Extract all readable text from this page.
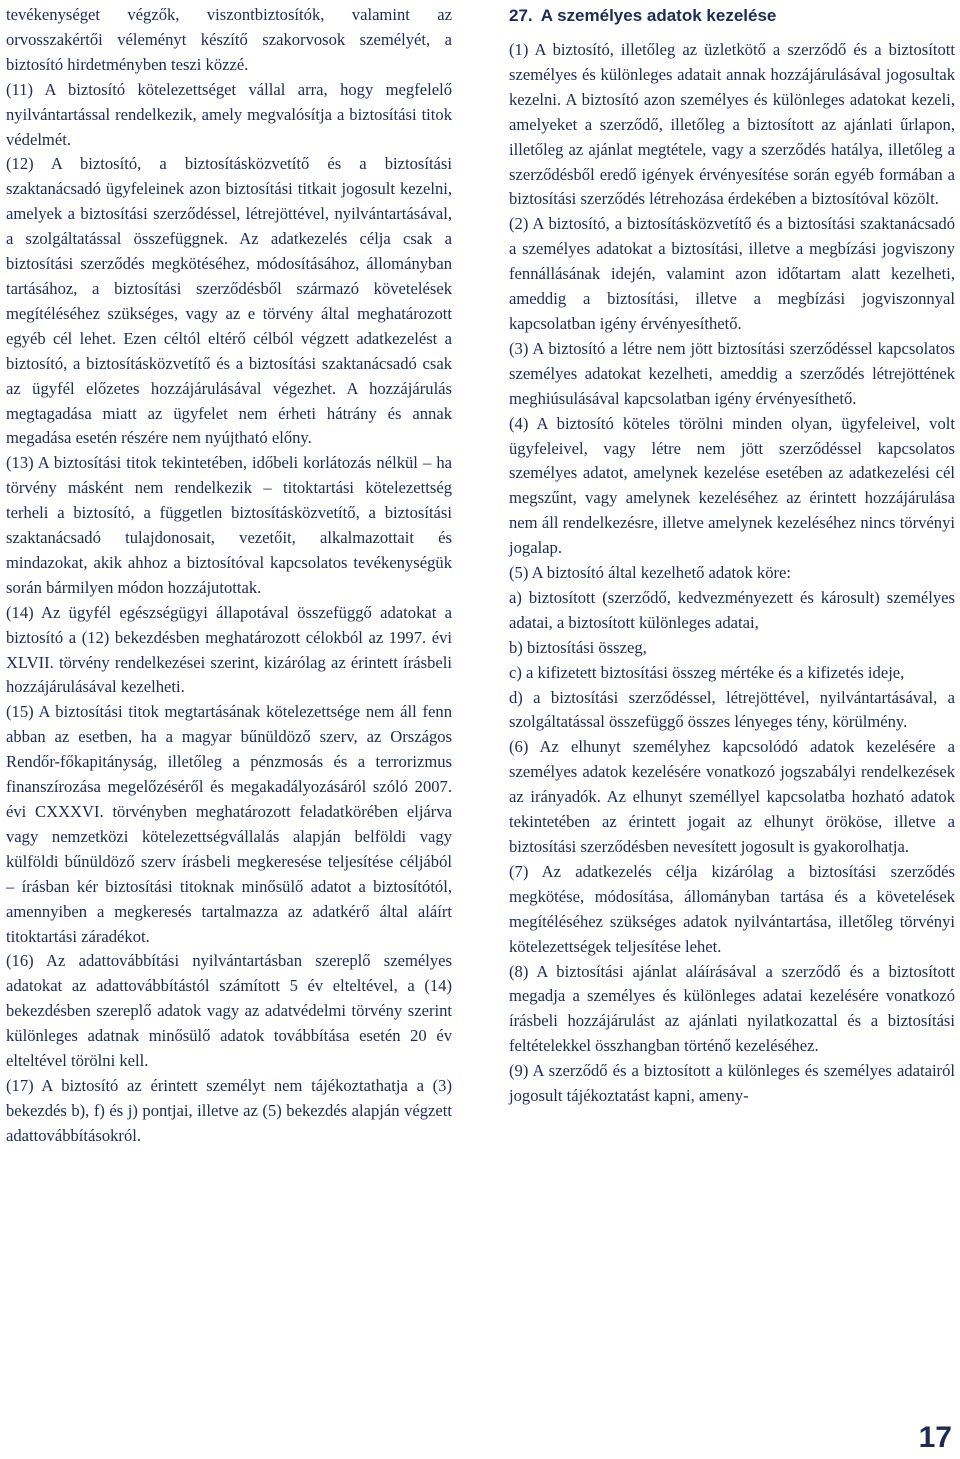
tevékenységet végzők, viszontbiztosítók, valamint az orvosszakértői véleményt készítő szakorvosok személyét, a biztosító hirdetményben teszi közzé.

(11) A biztosító kötelezettséget vállal arra, hogy megfelelő nyilvántartással rendelkezik, amely megvalósítja a biztosítási titok védelmét.

(12) A biztosító, a biztosításközvetítő és a biztosítási szaktanácsadó ügyfeleinek azon biztosítási titkait jogosult kezelni, amelyek a biztosítási szerződéssel, létrejöttével, nyilvántartásával, a szolgáltatással összefüggnek. Az adatkezelés célja csak a biztosítási szerződés megkötéséhez, módosításához, állományban tartásához, a biztosítási szerződésből származó követelések megítéléséhez szükséges, vagy az e törvény által meghatározott egyéb cél lehet. Ezen céltól eltérő célból végzett adatkezelést a biztosító, a biztosításközvetítő és a biztosítási szaktanácsadó csak az ügyfél előzetes hozzájárulásával végezhet. A hozzájárulás megtagadása miatt az ügyfelet nem érheti hátrány és annak megadása esetén részére nem nyújtható előny.

(13) A biztosítási titok tekintetében, időbeli korlátozás nélkül – ha törvény másként nem rendelkezik – titoktartási kötelezettség terheli a biztosító, a független biztosításközvetítő, a biztosítási szaktanácsadó tulajdonosait, vezetőit, alkalmazottait és mindazokat, akik ahhoz a biztosítóval kapcsolatos tevékenységük során bármilyen módon hozzájutottak.

(14) Az ügyfél egészségügyi állapotával összefüggő adatokat a biztosító a (12) bekezdésben meghatározott célokból az 1997. évi XLVII. törvény rendelkezései szerint, kizárólag az érintett írásbeli hozzájárulásával kezelheti.

(15) A biztosítási titok megtartásának kötelezettsége nem áll fenn abban az esetben, ha a magyar bűnüldöző szerv, az Országos Rendőr-főkapitányság, illetőleg a pénzmosás és a terrorizmus finanszírozása megelőzéséről és megakadályozásáról szóló 2007. évi CXXXVI. törvényben meghatározott feladatkörében eljárva vagy nemzetközi kötelezettségvállalás alapján belföldi vagy külföldi bűnüldöző szerv írásbeli megkeresése teljesítése céljából – írásban kér biztosítási titoknak minősülő adatot a biztosítótól, amennyiben a megkeresés tartalmazza az adatkérő által aláírt titoktartási záradékot.

(16) Az adattovábbítási nyilvántartásban szereplő személyes adatokat az adattovábbítástól számított 5 év elteltével, a (14) bekezdésben szereplő adatok vagy az adatvédelmi törvény szerint különleges adatnak minősülő adatok továbbítása esetén 20 év elteltével törölni kell.

(17) A biztosító az érintett személyt nem tájékoztathatja a (3) bekezdés b), f) és j) pontjai, illetve az (5) bekezdés alapján végzett adattovábbításokról.

27. A személyes adatok kezelése

(1) A biztosító, illetőleg az üzletkötő a szerződő és a biztosított személyes és különleges adatait annak hozzájárulásával jogosultak kezelni. A biztosító azon személyes és különleges adatokat kezeli, amelyeket a szerződő, illetőleg a biztosított az ajánlati űrlapon, illetőleg az ajánlat megtétele, vagy a szerződés hatálya, illetőleg a szerződésből eredő igények érvényesítése során egyéb formában a biztosítási szerződés létrehozása érdekében a biztosítóval közölt.

(2) A biztosító, a biztosításközvetítő és a biztosítási szaktanácsadó a személyes adatokat a biztosítási, illetve a megbízási jogviszony fennállásának idején, valamint azon időtartam alatt kezelheti, ameddig a biztosítási, illetve a megbízási jogviszonnyal kapcsolatban igény érvényesíthető.

(3) A biztosító a létre nem jött biztosítási szerződéssel kapcsolatos személyes adatokat kezelheti, ameddig a szerződés létrejöttének meghiúsulásával kapcsolatban igény érvényesíthető.

(4) A biztosító köteles törölni minden olyan, ügyfeleivel, volt ügyfeleivel, vagy létre nem jött szerződéssel kapcsolatos személyes adatot, amelynek kezelése esetében az adatkezelési cél megszűnt, vagy amelynek kezeléséhez az érintett hozzájárulása nem áll rendelkezésre, illetve amelynek kezeléséhez nincs törvényi jogalap.

(5) A biztosító által kezelhető adatok köre:

a) biztosított (szerződő, kedvezményezett és károsult) személyes adatai, a biztosított különleges adatai,

b) biztosítási összeg,

c) a kifizetett biztosítási összeg mértéke és a kifizetés ideje,

d) a biztosítási szerződéssel, létrejöttével, nyilvántartásával, a szolgáltatással összefüggő összes lényeges tény, körülmény.

(6) Az elhunyt személyhez kapcsolódó adatok kezelésére a személyes adatok kezelésére vonatkozó jogszabályi rendelkezések az irányadók. Az elhunyt személlyel kapcsolatba hozható adatok tekintetében az érintett jogait az elhunyt örököse, illetve a biztosítási szerződésben nevesített jogosult is gyakorolhatja.

(7) Az adatkezelés célja kizárólag a biztosítási szerződés megkötése, módosítása, állományban tartása és a követelések megítéléséhez szükséges adatok nyilvántartása, illetőleg törvényi kötelezettségek teljesítése lehet.

(8) A biztosítási ajánlat aláírásával a szerződő és a biztosított megadja a személyes és különleges adatai kezelésére vonatkozó írásbeli hozzájárulást az ajánlati nyilatkozattal és a biztosítási feltételekkel összhangban történő kezeléséhez.

(9) A szerződő és a biztosított a különleges és személyes adatairól jogosult tájékoztatást kapni, ameny-

17
